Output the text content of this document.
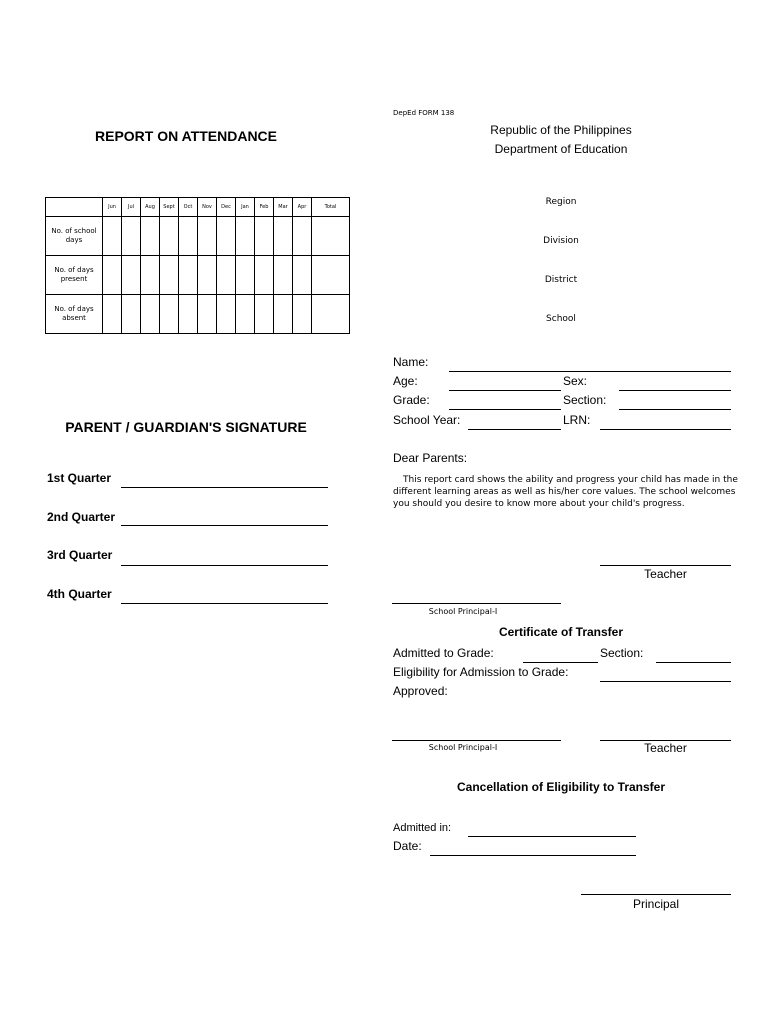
REPORT ON ATTENDANCE
	Jun	Jul	Aug	Sept	Oct	Nov	Dec	Jan	Feb	Mar	Apr	Total
No. of school days												
No. of days present												
No. of days absent												
PARENT / GUARDIAN'S SIGNATURE
1st Quarter
2nd Quarter
3rd Quarter
4th Quarter
DepEd FORM 138
Republic of the Philippines
Department of Education
Region
Division
District
School
Name:
Age:	Sex:
Grade:	Section:
School Year:	LRN:
Dear Parents:
This report card shows the ability and progress your child has made in the different learning areas as well as his/her core values. The school welcomes you should you desire to know more about your child's progress.
Teacher
School Principal-I
Certificate of Transfer
Admitted to Grade:	Section:
Eligibility for Admission to Grade:
Approved:
School Principal-I	Teacher
Cancellation of Eligibility to Transfer
Admitted in:
Date:
Principal
